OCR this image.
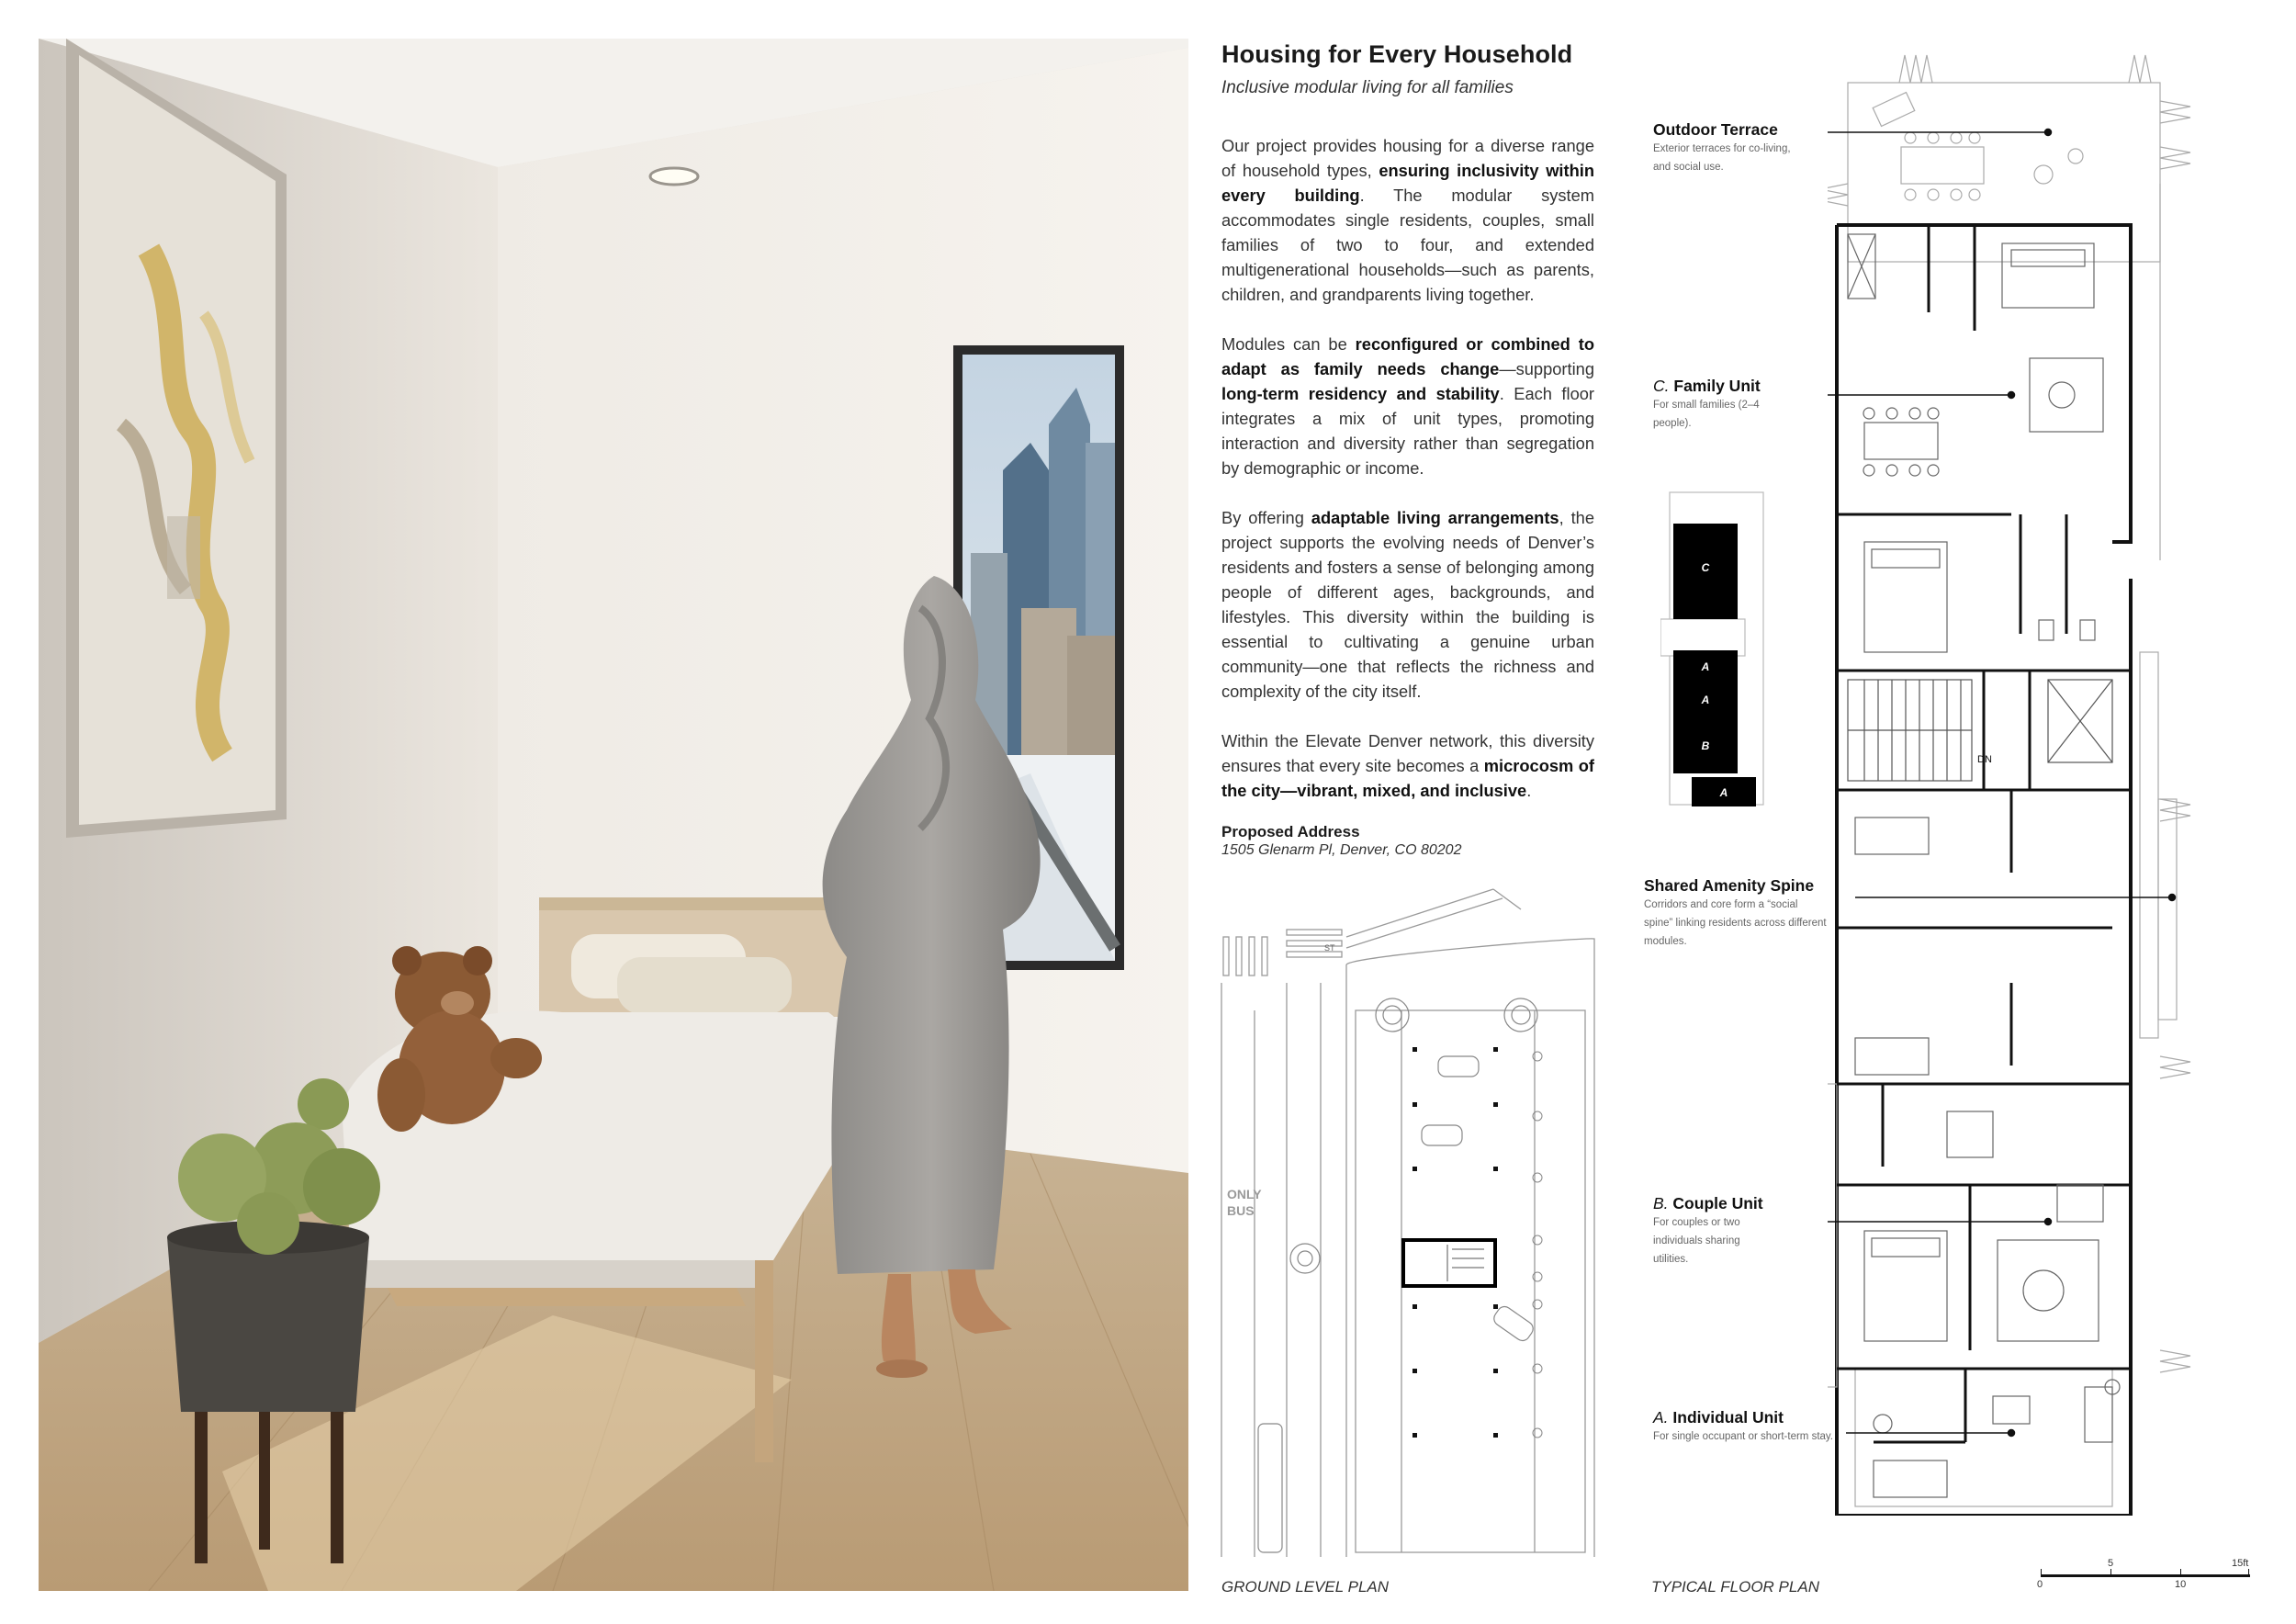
Housing for Every Household

Inclusive modular living for all families

Our project provides housing for a diverse range of household types, ensuring inclusivity within every building. The modular system accommodates single residents, couples, small families of two to four, and extended multigenerational households—such as parents, children, and grandparents living together.

Modules can be reconfigured or combined to adapt as family needs change—supporting long-term residency and stability. Each floor integrates a mix of unit types, promoting interaction and diversity rather than segregation by demographic or income.

By offering adaptable living arrangements, the project supports the evolving needs of Denver’s residents and fosters a sense of belonging among people of different ages, backgrounds, and lifestyles. This diversity within the building is essential to cultivating a genuine urban community—one that reflects the richness and complexity of the city itself.

Within the Elevate Denver network, this diversity ensures that every site becomes a microcosm of the city—vibrant, mixed, and inclusive.

Proposed Address
1505 Glenarm Pl, Denver, CO 80202
ST
ONLY
BUS
GROUND LEVEL PLAN
C
A
A
B
A
DN
Outdoor Terrace
Exterior terraces for co-living, and social use.
C. Family Unit
For small families (2–4 people).
Shared Amenity Spine
Corridors and core form a “social spine” linking residents across different modules.
B. Couple Unit
For couples or two individuals sharing utilities.
A. Individual Unit
For single occupant or short-term stay.
TYPICAL FLOOR PLAN	0
5
10
15ft
